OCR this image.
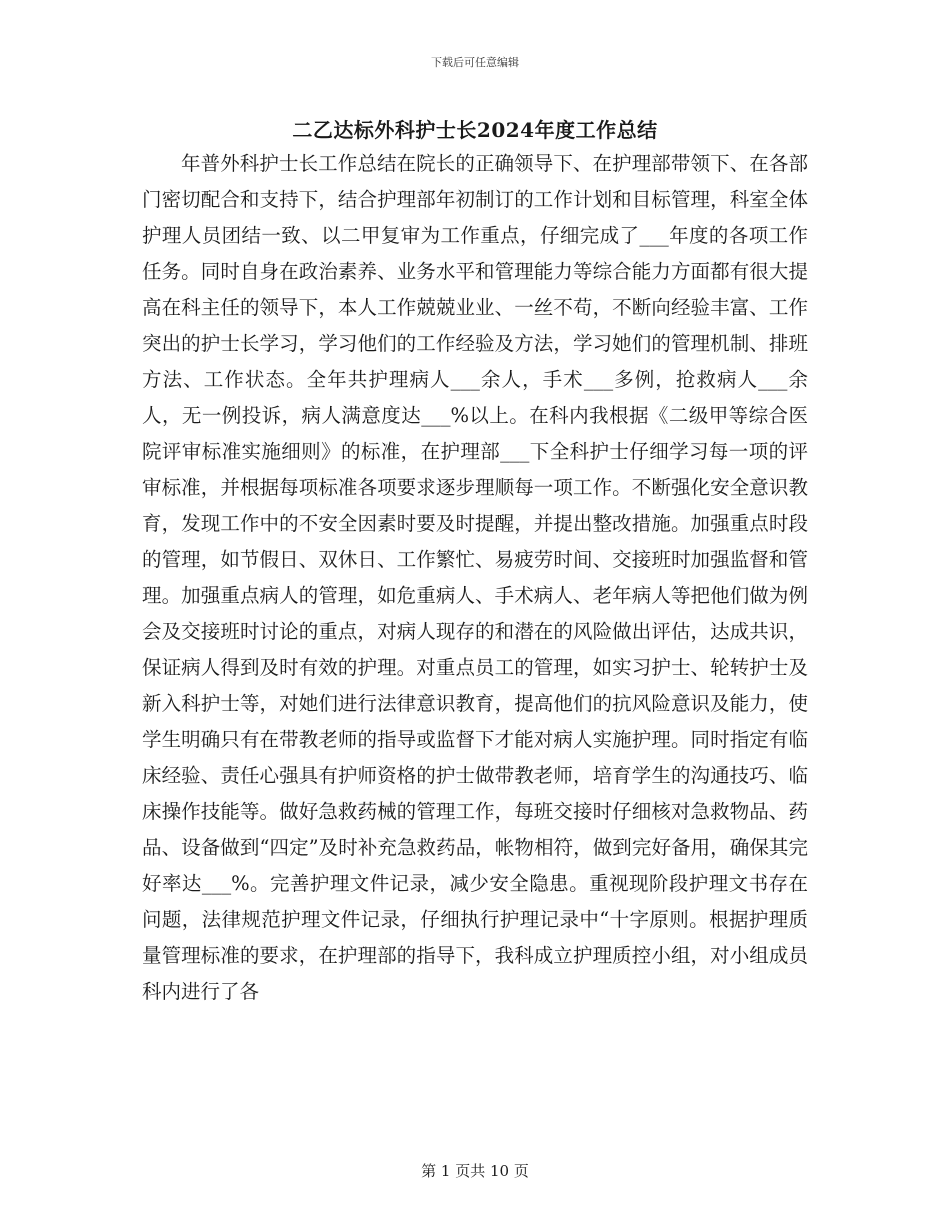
下载后可任意编辑
二乙达标外科护士长2024年度工作总结

年普外科护士长工作总结在院长的正确领导下、在护理部带领下、在各部门密切配合和支持下，结合护理部年初制订的工作计划和目标管理，科室全体护理人员团结一致、以二甲复审为工作重点，仔细完成了___年度的各项工作任务。同时自身在政治素养、业务水平和管理能力等综合能力方面都有很大提高在科主任的领导下，本人工作兢兢业业、一丝不苟，不断向经验丰富、工作突出的护士长学习，学习他们的工作经验及方法，学习她们的管理机制、排班方法、工作状态。全年共护理病人___余人，手术___多例，抢救病人___余人，无一例投诉，病人满意度达___%以上。在科内我根据《二级甲等综合医院评审标准实施细则》的标准，在护理部___下全科护士仔细学习每一项的评审标准，并根据每项标准各项要求逐步理顺每一项工作。不断强化安全意识教育，发现工作中的不安全因素时要及时提醒，并提出整改措施。加强重点时段的管理，如节假日、双休日、工作繁忙、易疲劳时间、交接班时加强监督和管理。加强重点病人的管理，如危重病人、手术病人、老年病人等把他们做为例会及交接班时讨论的重点，对病人现存的和潜在的风险做出评估，达成共识，保证病人得到及时有效的护理。对重点员工的管理，如实习护士、轮转护士及新入科护士等，对她们进行法律意识教育，提高他们的抗风险意识及能力，使学生明确只有在带教老师的指导或监督下才能对病人实施护理。同时指定有临床经验、责任心强具有护师资格的护士做带教老师，培育学生的沟通技巧、临床操作技能等。做好急救药械的管理工作，每班交接时仔细核对急救物品、药品、设备做到“四定”及时补充急救药品，帐物相符，做到完好备用，确保其完好率达___%。完善护理文件记录，减少安全隐患。重视现阶段护理文书存在问题，法律规范护理文件记录，仔细执行护理记录中“十字原则。根据护理质量管理标准的要求，在护理部的指导下，我科成立护理质控小组，对小组成员科内进行了各

第 1 页共 10 页
